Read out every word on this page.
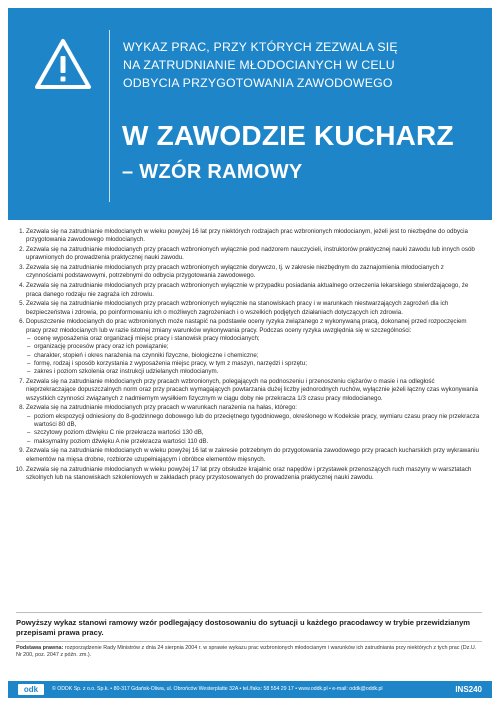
WYKAZ PRAC, PRZY KTÓRYCH ZEZWALA SIĘ
NA ZATRUDNIANIE MŁODOCIANYCH W CELU
ODBYCIA PRZYGOTOWANIA ZAWODOWEGO
W ZAWODZIE KUCHARZ
– WZÓR RAMOWY
1. Zezwala się na zatrudnianie młodocianych w wieku powyżej 16 lat przy niektórych rodzajach prac wzbronionych młodocianym, jeżeli jest to niezbędne do odbycia przygotowania zawodowego młodocianych.
2. Zezwala się na zatrudnianie młodocianych przy pracach wzbronionych wyłącznie pod nadzorem nauczycieli, instruktorów praktycznej nauki zawodu lub innych osób uprawnionych do prowadzenia praktycznej nauki zawodu.
3. Zezwala się na zatrudnianie młodocianych przy pracach wzbronionych wyłącznie dorywczo, tj. w zakresie niezbędnym do zaznajomienia młodocianych z czynnościami podstawowymi, potrzebnymi do odbycia przygotowania zawodowego.
4. Zezwala się na zatrudnianie młodocianych przy pracach wzbronionych wyłącznie w przypadku posiadania aktualnego orzeczenia lekarskiego stwierdzającego, że praca danego rodzaju nie zagraża ich zdrowiu.
5. Zezwala się na zatrudnianie młodocianych przy pracach wzbronionych wyłącznie na stanowiskach pracy i w warunkach niestwarzających zagrożeń dla ich bezpieczeństwa i zdrowia, po poinformowaniu ich o możliwych zagrożeniach i o wszelkich podjętych działaniach dotyczących ich zdrowia.
6. Dopuszczenie młodocianych do prac wzbronionych może nastąpić na podstawie oceny ryzyka związanego z wykonywaną pracą, dokonanej przed rozpoczęciem pracy przez młodocianych lub w razie istotnej zmiany warunków wykonywania pracy. Podczas oceny ryzyka uwzględnia się w szczególności:
– ocenę wyposażenia oraz organizacji miejsc pracy i stanowisk pracy młodocianych;
– organizację procesów pracy oraz ich powiązanie;
– charakter, stopień i okres narażenia na czynniki fizyczne, biologiczne i chemiczne;
– formę, rodzaj i sposób korzystania z wyposażenia miejsc pracy, w tym z maszyn, narzędzi i sprzętu;
– zakres i poziom szkolenia oraz instrukcji udzielanych młodocianym.
7. Zezwala się na zatrudnianie młodocianych przy pracach wzbronionych, polegających na podnoszeniu i przenoszeniu ciężarów o masie i na odległość nieprzekraczające dopuszczalnych norm oraz przy pracach wymagających powtarzania dużej liczby jednorodnych ruchów, wyłącznie jeżeli łączny czas wykonywania wszystkich czynności związanych z nadmiernym wysiłkiem fizycznym w ciągu doby nie przekracza 1/3 czasu pracy młodocianego.
8. Zezwala się na zatrudnianie młodocianych przy pracach w warunkach narażenia na hałas, którego:
– poziom ekspozycji odniesiony do 8-godzinnego dobowego lub do przeciętnego tygodniowego, określonego w Kodeksie pracy, wymiaru czasu pracy nie przekracza wartości 80 dB,
– szczytowy poziom dźwięku C nie przekracza wartości 130 dB,
– maksymalny poziom dźwięku A nie przekracza wartości 110 dB.
9. Zezwala się na zatrudnianie młodocianych w wieku powyżej 16 lat w zakresie potrzebnym do przygotowania zawodowego przy pracach kucharskich przy wykrawaniu elementów na mięsa drobne, rozbiorze uzupełniającym i obróbce elementów mięsnych.
10. Zezwala się na zatrudnianie młodocianych w wieku powyżej 17 lat przy obsłudze krajalnic oraz napędów i przystawek przenoszących ruch maszyny w warsztatach szkolnych lub na stanowiskach szkoleniowych w zakładach pracy przystosowanych do prowadzenia praktycznej nauki zawodu.
Powyższy wykaz stanowi ramowy wzór podlegający dostosowaniu do sytuacji u każdego pracodawcy w trybie przewidzianym przepisami prawa pracy.
Podstawa prawna: rozporządzenie Rady Ministrów z dnia 24 sierpnia 2004 r. w sprawie wykazu prac wzbronionych młodocianym i warunków ich zatrudniania przy niektórych z tych prac (Dz.U. Nr 200, poz. 2047 z późn. zm.).
odk	© ODDK Sp. z o.o. Sp.k. • 80-317 Gdańsk-Oliwa, ul. Obrońców Westerplatte 32A • tel./faks: 58 554 29 17 • www.oddk.pl • e-mail: oddk@oddk.pl	INS240
